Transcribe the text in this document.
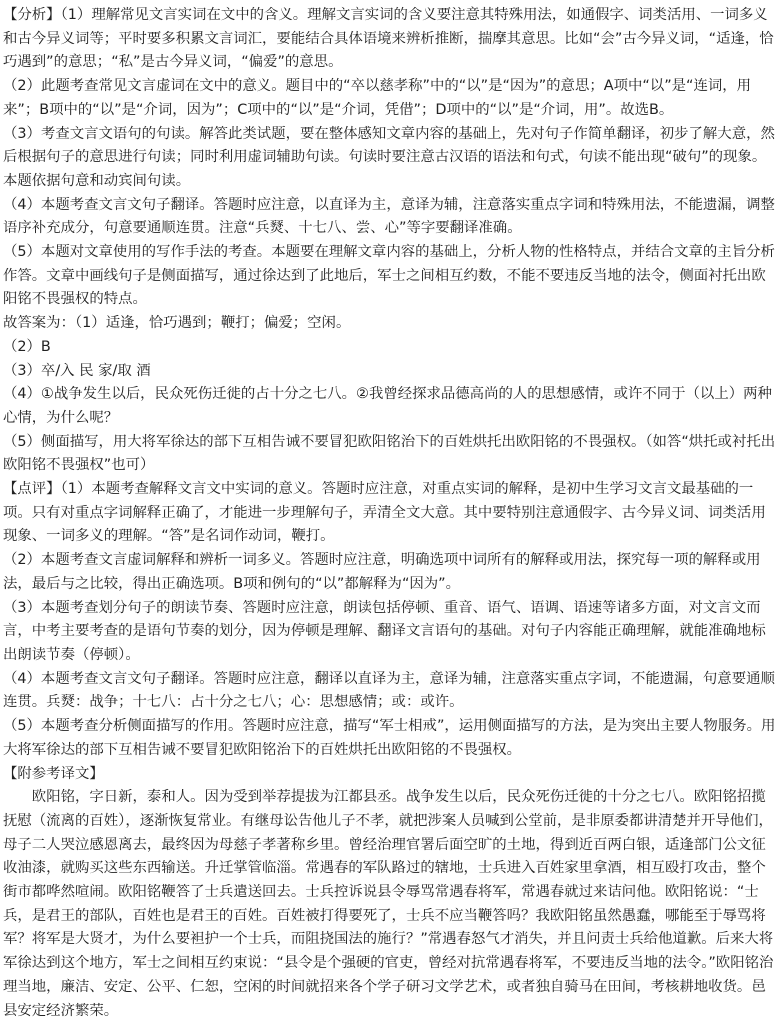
【分析】（1）理解常见文言实词在文中的含义。理解文言实词的含义要注意其特殊用法，如通假字、词类活用、一词多义和古今异义词等；平时要多积累文言词汇，要能结合具体语境来辨析推断，揣摩其意思。比如“会”古今异义词，“适逢，恰巧遇到”的意思；“私”是古今异义词，“偏爱”的意思。

（2）此题考查常见文言虚词在文中的意义。题目中的“卒以慈孝称”中的“以”是“因为”的意思；A项中“以”是“连词，用来”；B项中的“以”是“介词，因为”；C项中的“以”是“介词，凭借”；D项中的“以”是“介词，用”。故选B。

（3）考查文言文语句的句读。解答此类试题，要在整体感知文章内容的基础上，先对句子作简单翻译，初步了解大意，然后根据句子的意思进行句读；同时利用虚词辅助句读。句读时要注意古汉语的语法和句式，句读不能出现“破句”的现象。本题依据句意和动宾间句读。

（4）本题考查文言文句子翻译。答题时应注意，以直译为主，意译为辅，注意落实重点字词和特殊用法，不能遗漏，调整语序补充成分，句意要通顺连贯。注意“兵燹、十七八、尝、心”等字要翻译准确。

（5）本题对文章使用的写作手法的考查。本题要在理解文章内容的基础上，分析人物的性格特点，并结合文章的主旨分析作答。文章中画线句子是侧面描写，通过徐达到了此地后，军士之间相互约数，不能不要违反当地的法令，侧面衬托出欧阳铭不畏强权的特点。

故答案为：（1）适逢，恰巧遇到；鞭打；偏爱；空闲。

（2）B

（3）卒/入 民 家/取 酒

（4）①战争发生以后，民众死伤迁徙的占十分之七八。②我曾经探求品德高尚的人的思想感情，或许不同于（以上）两种心情，为什么呢？

（5）侧面描写，用大将军徐达的部下互相告诫不要冒犯欧阳铭治下的百姓烘托出欧阳铭的不畏强权。（如答“烘托或衬托出欧阳铭不畏强权”也可）

【点评】（1）本题考查解释文言文中实词的意义。答题时应注意，对重点实词的解释，是初中生学习文言文最基础的一项。只有对重点字词解释正确了，才能进一步理解句子，弄清全文大意。其中要特别注意通假字、古今异义词、词类活用现象、一词多义的理解。“答”是名词作动词，鞭打。

（2）本题考查文言虚词解释和辨析一词多义。答题时应注意，明确选项中词所有的解释或用法，探究每一项的解释或用法，最后与之比较，得出正确选项。B项和例句的“以”都解释为“因为”。

（3）本题考查划分句子的朗读节奏、答题时应注意，朗读包括停顿、重音、语气、语调、语速等诸多方面，对文言文而言，中考主要考查的是语句节奏的划分，因为停顿是理解、翻译文言语句的基础。对句子内容能正确理解，就能准确地标出朗读节奏（停顿）。

（4）本题考查文言文句子翻译。答题时应注意，翻译以直译为主，意译为辅，注意落实重点字词，不能遗漏，句意要通顺连贯。兵燹：战争；十七八：占十分之七八；心：思想感情；或：或许。

（5）本题考查分析侧面描写的作用。答题时应注意，描写“军士相戒”，运用侧面描写的方法，是为突出主要人物服务。用大将军徐达的部下互相告诫不要冒犯欧阳铭治下的百姓烘托出欧阳铭的不畏强权。

【附参考译文】

欧阳铭，字日新，泰和人。因为受到举荐提拔为江都县丞。战争发生以后，民众死伤迁徙的十分之七八。欧阳铭招揽抚慰（流离的百姓），逐渐恢复常业。有继母讼告他儿子不孝，就把涉案人员喊到公堂前，是非原委都讲清楚并开导他们，母子二人哭泣感恩离去，最终因为母慈子孝著称乡里。曾经治理官署后面空旷的土地，得到近百两白银，适逢部门公文征收油漆，就购买这些东西输送。升迁掌管临淄。常遇春的军队路过的辖地，士兵进入百姓家里拿酒，相互殴打攻击，整个街市都哗然喧闹。欧阳铭鞭答了士兵遣送回去。士兵控诉说县令辱骂常遇春将军，常遇春就过来诘问他。欧阳铭说：“士兵，是君王的部队，百姓也是君王的百姓。百姓被打得要死了，士兵不应当鞭答吗？我欧阳铭虽然愚蠢，哪能至于辱骂将军？将军是大贤才，为什么要袒护一个士兵，而阻挠国法的施行？”常遇春怒气才消失，并且问责士兵给他道歉。后来大将军徐达到这个地方，军士之间相互约束说：“县令是个强硬的官吏，曾经对抗常遇春将军，不要违反当地的法令。”欧阳铭治理当地，廉洁、安定、公平、仁恕，空闲的时间就招来各个学子研习文学艺术，或者独自骑马在田间，考核耕地收货。邑县安定经济繁荣。
